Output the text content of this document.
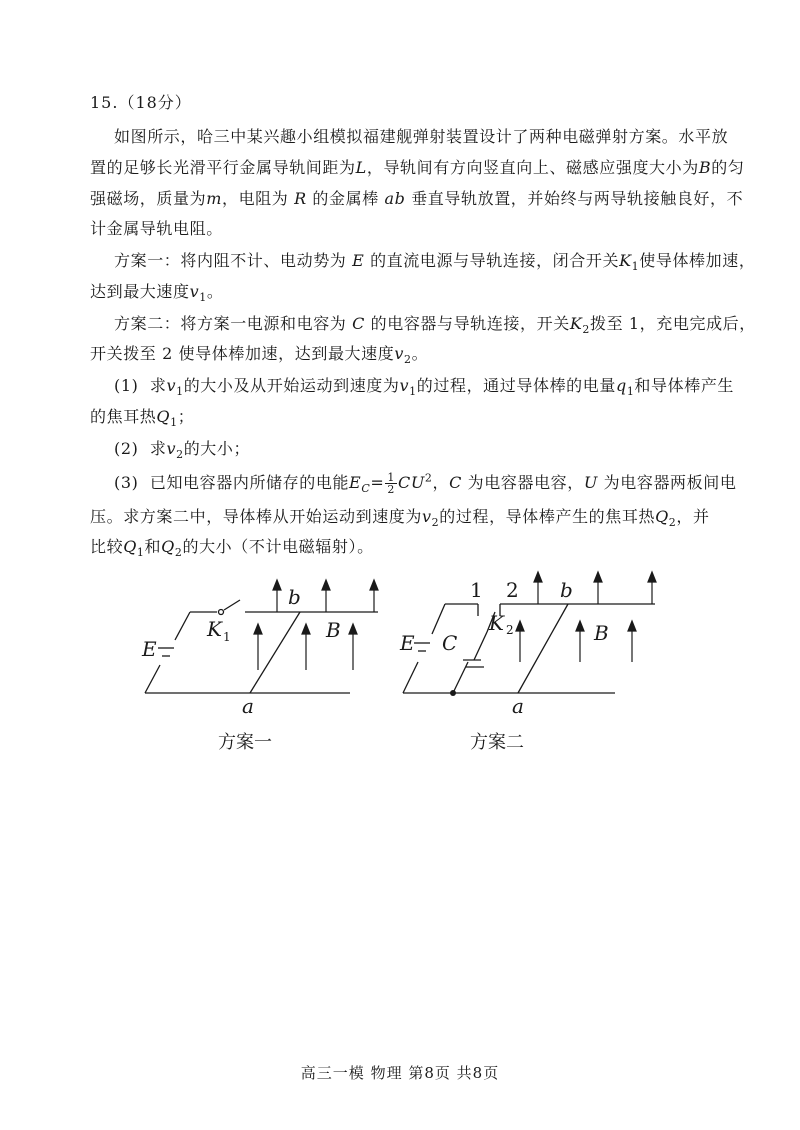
15.（18分）
如图所示，哈三中某兴趣小组模拟福建舰弹射装置设计了两种电磁弹射方案。水平放
置的足够长光滑平行金属导轨间距为L，导轨间有方向竖直向上、磁感应强度大小为B的匀
强磁场，质量为m，电阻为 R 的金属棒 ab 垂直导轨放置，并始终与两导轨接触良好，不
计金属导轨电阻。
方案一：将内阻不计、电动势为 E 的直流电源与导轨连接，闭合开关$K_1$使导体棒加速，
达到最大速度$v_1$。
方案二：将方案一电源和电容为 C 的电容器与导轨连接，开关$K_2$拨至 1，充电完成后，
开关拨至 2 使导体棒加速，达到最大速度$v_2$。
(1) 求$v_1$的大小及从开始运动到速度为$v_1$的过程，通过导体棒的电量$q_1$和导体棒产生
的焦耳热$Q_1$；
(2) 求$v_2$的大小；
(3) 已知电容器内所储存的电能$E_C= \frac{1}{2} CU^2$，C 为电容器电容，U 为电容器两板间电
压。求方案二中，导体棒从开始运动到速度为$v_2$的过程，导体棒产生的焦耳热$Q_2$，并
比较$Q_1$和$Q_2$的大小（不计电磁辐射）。
E
K 1
b
B
a
方案一
E C
K 2
1 2 b
B
a
方案二
高三一模 物理 第8页 共8页
